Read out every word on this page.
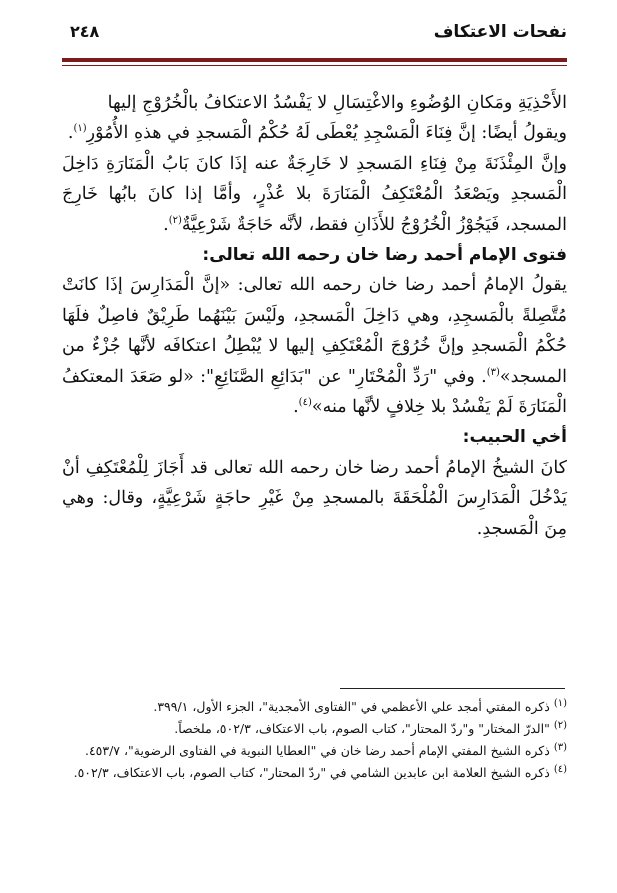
نفحات الاعتكاف
٢٤٨

الأَحْذِيَةِ ومَكانِ الوُضُوءِ والاغْتِسَالِ لا يَفْسُدُ الاعتكافُ بالْخُرُوْجِ إليها

ويقولُ أيضًا: إنَّ فِنَاءَ الْمَسْجِدِ يُعْطَى لَهُ حُكْمُ الْمَسجدِ في هذهِ الأُمُوْرِ$^{(١)}$.

وإنَّ المِئْذَنَةَ مِنْ فِنَاءِ المَسجدِ لا خَارِجَةٌ عنه إذَا كانَ بَابُ الْمَنَارَةِ دَاخِلَ الْمَسجدِ ويَصْعَدُ الْمُعْتَكِفُ الْمَنَارَةَ بلا عُذْرٍ، وأمَّا إذا كانَ بابُها خَارِجَ المسجد، فَيَجُوْزُ الْخُرُوْجُ للأَذَانِ فقط، لأنَّه حَاجَةٌ شَرْعِيَّةٌ$^{(٢)}$.

فتوى الإمام أحمد رضا خان رحمه الله تعالى:

يقولُ الإمامُ أحمد رضا خان رحمه الله تعالى: «إنَّ الْمَدَارِسَ إذَا كانَتْ مُتَّصِلةً بالْمَسجِدِ، وهي دَاخِلَ الْمَسجدِ، ولَيْسَ بَيْنَهُما طَرِيْقٌ فاصِلٌ فلَهَا حُكْمُ الْمَسجدِ وإنَّ خُرُوْجَ الْمُعْتَكِفِ إليها لا يُبْطِلُ اعتكافَه لأنَّها جُزْءٌ من المسجد»$^{(٣)}$. وفي "رَدِّ الْمُحْتَارِ" عن "بَدَائِعِ الصَّنَائِعِ": «لو صَعَدَ المعتكفُ الْمَنَارَةَ لَمْ يَفْسُدْ بلا خِلافٍ لأنَّها منه»$^{(٤)}$.

أخي الحبيب:

كانَ الشيخُ الإمامُ أحمد رضا خان رحمه الله تعالى قد أَجَازَ لِلْمُعْتَكِفِ أنْ يَدْخُلَ الْمَدَارِسَ الْمُلْحَقَةَ بالمسجدِ مِنْ غَيْرِ حاجَةٍ شَرْعِيَّةٍ، وقال: وهي مِنَ الْمَسجدِ.

$^{(١)}$ ذكره المفتي أمجد علي الأعظمي في "الفتاوى الأمجدية"، الجزء الأول، ٣٩٩/١.

$^{(٢)}$ "الدرّ المختار" و"ردّ المحتار"، كتاب الصوم، باب الاعتكاف، ٥٠٢/٣، ملخصاً.

$^{(٣)}$ ذكره الشيخ المفتي الإمام أحمد رضا خان في "العطايا النبوية في الفتاوى الرضوية"، ٤٥٣/٧.

$^{(٤)}$ ذكره الشيخ العلامة ابن عابدين الشامي في "ردّ المحتار"، كتاب الصوم، باب الاعتكاف، ٥٠٢/٣.
